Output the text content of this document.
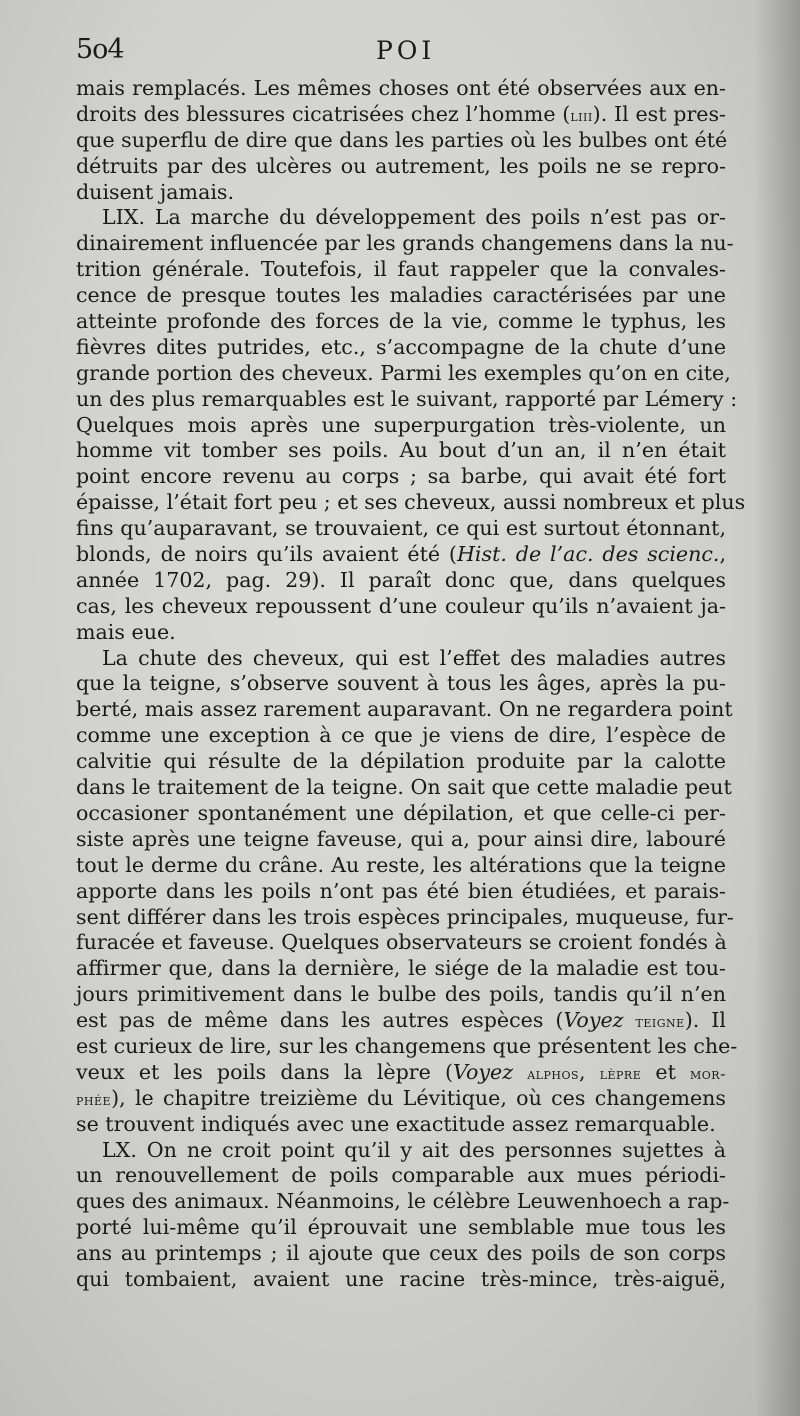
5o4	POI
mais remplacés. Les mêmes choses ont été observées aux en-
droits des blessures cicatrisées chez l’homme (liii). Il est pres-
que superflu de dire que dans les parties où les bulbes ont été
détruits par des ulcères ou autrement, les poils ne se repro-
duisent jamais.
LIX. La marche du développement des poils n’est pas or-
dinairement influencée par les grands changemens dans la nu-
trition générale. Toutefois, il faut rappeler que la convales-
cence de presque toutes les maladies caractérisées par une
atteinte profonde des forces de la vie, comme le typhus, les
fièvres dites putrides, etc., s’accompagne de la chute d’une
grande portion des cheveux. Parmi les exemples qu’on en cite,
un des plus remarquables est le suivant, rapporté par Lémery :
Quelques mois après une superpurgation très-violente, un
homme vit tomber ses poils. Au bout d’un an, il n’en était
point encore revenu au corps ; sa barbe, qui avait été fort
épaisse, l’était fort peu ; et ses cheveux, aussi nombreux et plus
fins qu’auparavant, se trouvaient, ce qui est surtout étonnant,
blonds, de noirs qu’ils avaient été (Hist. de l’ac. des scienc.,
année 1702, pag. 29). Il paraît donc que, dans quelques
cas, les cheveux repoussent d’une couleur qu’ils n’avaient ja-
mais eue.
La chute des cheveux, qui est l’effet des maladies autres
que la teigne, s’observe souvent à tous les âges, après la pu-
berté, mais assez rarement auparavant. On ne regardera point
comme une exception à ce que je viens de dire, l’espèce de
calvitie qui résulte de la dépilation produite par la calotte
dans le traitement de la teigne. On sait que cette maladie peut
occasioner spontanément une dépilation, et que celle-ci per-
siste après une teigne faveuse, qui a, pour ainsi dire, labouré
tout le derme du crâne. Au reste, les altérations que la teigne
apporte dans les poils n’ont pas été bien étudiées, et parais-
sent différer dans les trois espèces principales, muqueuse, fur-
furacée et faveuse. Quelques observateurs se croient fondés à
affirmer que, dans la dernière, le siége de la maladie est tou-
jours primitivement dans le bulbe des poils, tandis qu’il n’en
est pas de même dans les autres espèces (Voyez teigne). Il
est curieux de lire, sur les changemens que présentent les che-
veux et les poils dans la lèpre (Voyez alphos, lèpre et mor-
phée), le chapitre treizième du Lévitique, où ces changemens
se trouvent indiqués avec une exactitude assez remarquable.
LX. On ne croit point qu’il y ait des personnes sujettes à
un renouvellement de poils comparable aux mues périodi-
ques des animaux. Néanmoins, le célèbre Leuwenhoech a rap-
porté lui-même qu’il éprouvait une semblable mue tous les
ans au printemps ; il ajoute que ceux des poils de son corps
qui tombaient, avaient une racine très-mince, très-aiguë,
